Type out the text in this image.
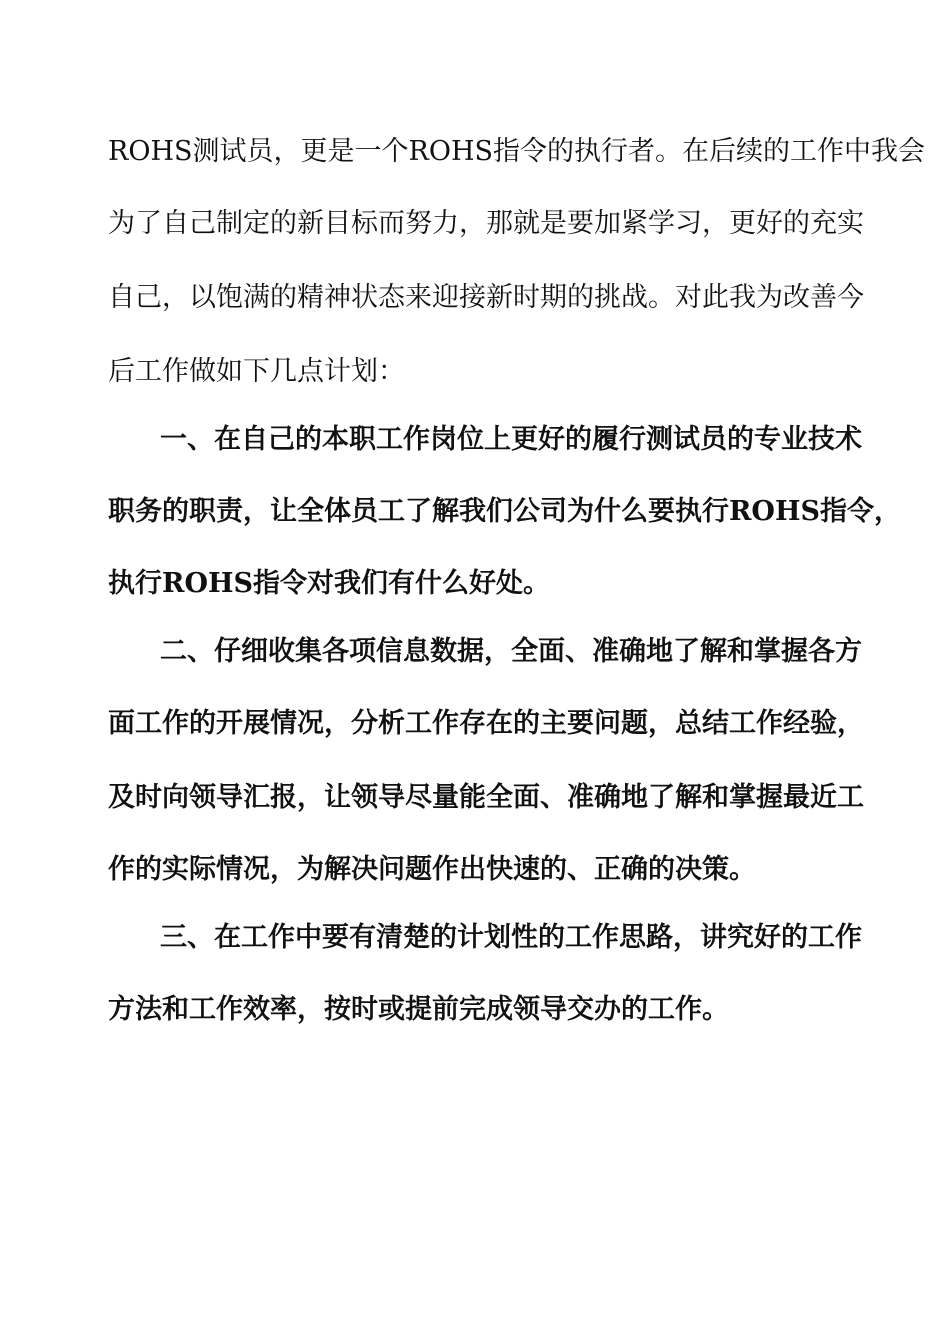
ROHS测试员，更是一个ROHS指令的执行者。在后续的工作中我会
为了自己制定的新目标而努力，那就是要加紧学习，更好的充实
自己，以饱满的精神状态来迎接新时期的挑战。对此我为改善今
后工作做如下几点计划：
一、在自己的本职工作岗位上更好的履行测试员的专业技术
职务的职责，让全体员工了解我们公司为什么要执行ROHS指令，
执行ROHS指令对我们有什么好处。
二、仔细收集各项信息数据，全面、准确地了解和掌握各方
面工作的开展情况，分析工作存在的主要问题，总结工作经验，
及时向领导汇报，让领导尽量能全面、准确地了解和掌握最近工
作的实际情况，为解决问题作出快速的、正确的决策。
三、在工作中要有清楚的计划性的工作思路，讲究好的工作
方法和工作效率，按时或提前完成领导交办的工作。
